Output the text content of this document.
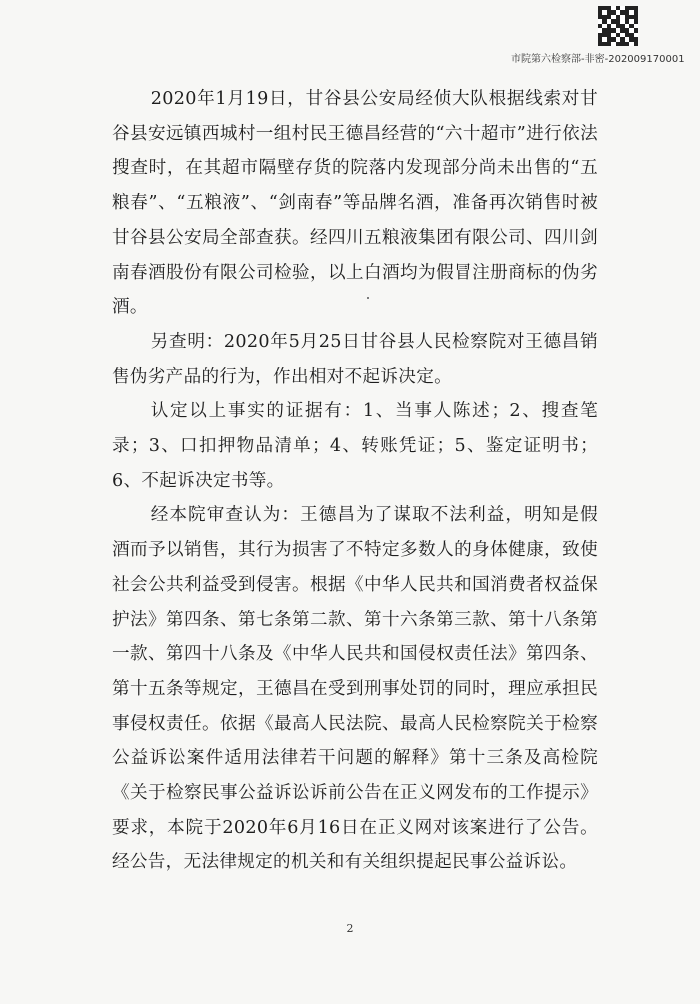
市院第六检察部-非密-202009170001

2020年1月19日，甘谷县公安局经侦大队根据线索对甘谷县安远镇西城村一组村民王德昌经营的“六十超市”进行依法搜查时，在其超市隔壁存货的院落内发现部分尚未出售的“五粮春”、“五粮液”、“剑南春”等品牌名酒，准备再次销售时被甘谷县公安局全部查获。经四川五粮液集团有限公司、四川剑南春酒股份有限公司检验，以上白酒均为假冒注册商标的伪劣酒。

另查明：2020年5月25日甘谷县人民检察院对王德昌销售伪劣产品的行为，作出相对不起诉决定。

认定以上事实的证据有：1、当事人陈述；2、搜查笔录；3、口扣押物品清单；4、转账凭证；5、鉴定证明书；6、不起诉决定书等。

经本院审查认为：王德昌为了谋取不法利益，明知是假酒而予以销售，其行为损害了不特定多数人的身体健康，致使社会公共利益受到侵害。根据《中华人民共和国消费者权益保护法》第四条、第七条第二款、第十六条第三款、第十八条第一款、第四十八条及《中华人民共和国侵权责任法》第四条、第十五条等规定，王德昌在受到刑事处罚的同时，理应承担民事侵权责任。依据《最高人民法院、最高人民检察院关于检察公益诉讼案件适用法律若干问题的解释》第十三条及高检院《关于检察民事公益诉讼诉前公告在正义网发布的工作提示》要求，本院于2020年6月16日在正义网对该案进行了公告。经公告，无法律规定的机关和有关组织提起民事公益诉讼。

2
